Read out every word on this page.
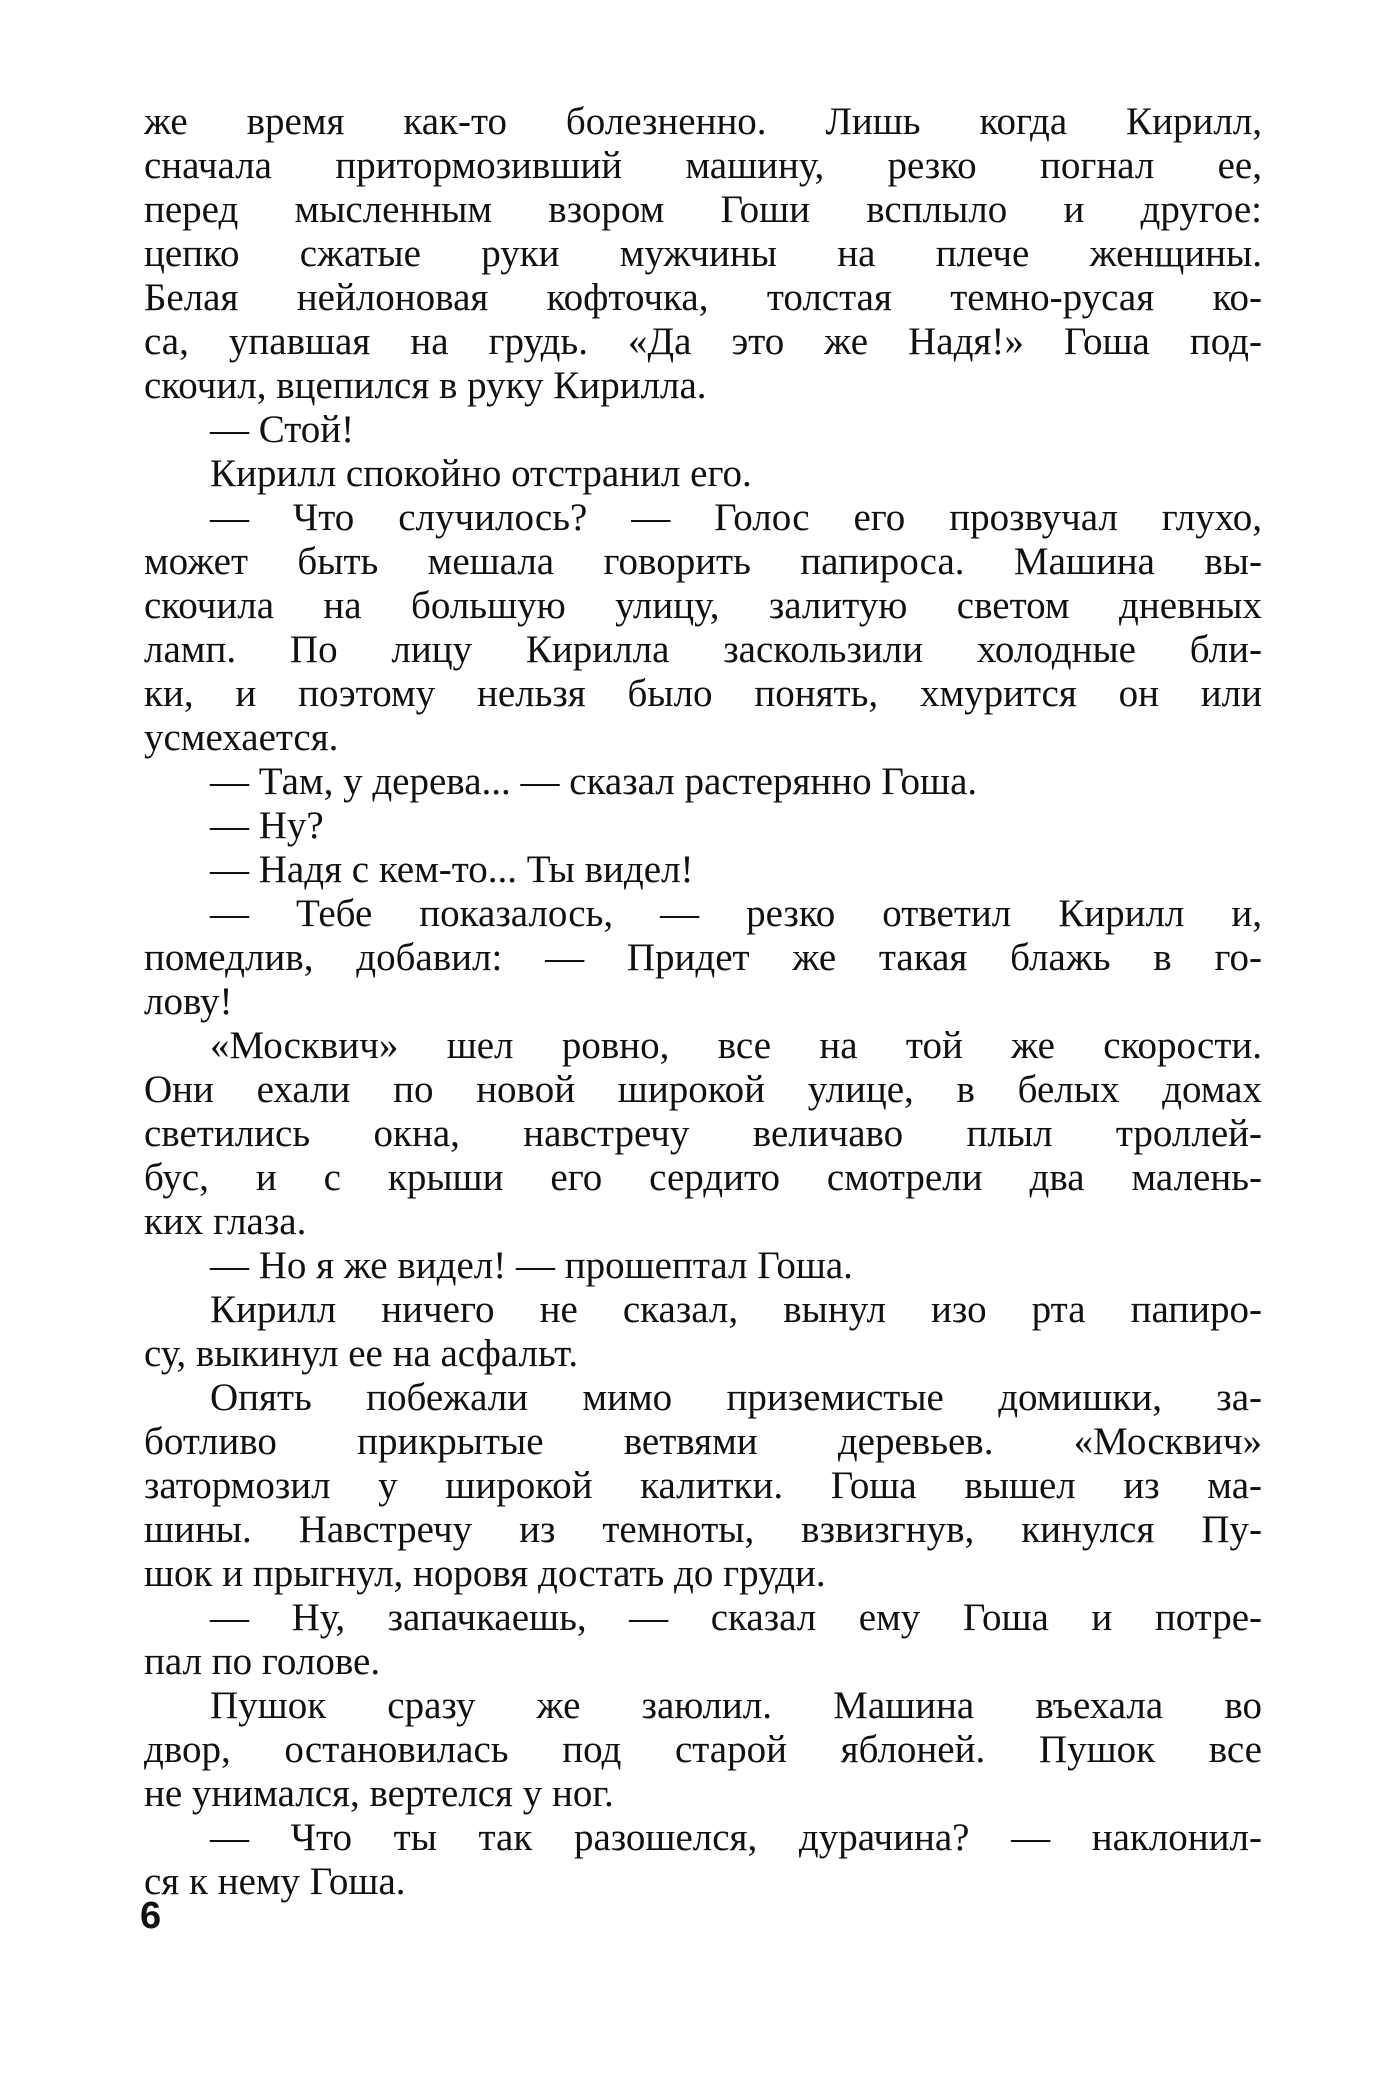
же время как-то болезненно. Лишь когда Кирилл,
сначала притормозивший машину, резко погнал ее,
перед мысленным взором Гоши всплыло и другое:
цепко сжатые руки мужчины на плече женщины.
Белая нейлоновая кофточка, толстая темно-русая ко-
са, упавшая на грудь. «Да это же Надя!» Гоша под-
скочил, вцепился в руку Кирилла.
— Стой!
Кирилл спокойно отстранил его.
— Что случилось? — Голос его прозвучал глухо,
может быть мешала говорить папироса. Машина вы-
скочила на большую улицу, залитую светом дневных
ламп. По лицу Кирилла заскользили холодные бли-
ки, и поэтому нельзя было понять, хмурится он или
усмехается.
— Там, у дерева... — сказал растерянно Гоша.
— Ну?
— Надя с кем-то... Ты видел!
— Тебе показалось, — резко ответил Кирилл и,
помедлив, добавил: — Придет же такая блажь в го-
лову!
«Москвич» шел ровно, все на той же скорости.
Они ехали по новой широкой улице, в белых домах
светились окна, навстречу величаво плыл троллей-
бус, и с крыши его сердито смотрели два малень-
ких глаза.
— Но я же видел! — прошептал Гоша.
Кирилл ничего не сказал, вынул изо рта папиро-
су, выкинул ее на асфальт.
Опять побежали мимо приземистые домишки, за-
ботливо прикрытые ветвями деревьев. «Москвич»
затормозил у широкой калитки. Гоша вышел из ма-
шины. Навстречу из темноты, взвизгнув, кинулся Пу-
шок и прыгнул, норовя достать до груди.
— Ну, запачкаешь, — сказал ему Гоша и потре-
пал по голове.
Пушок сразу же заюлил. Машина въехала во
двор, остановилась под старой яблоней. Пушок все
не унимался, вертелся у ног.
— Что ты так разошелся, дурачина? — наклонил-
ся к нему Гоша.
6
